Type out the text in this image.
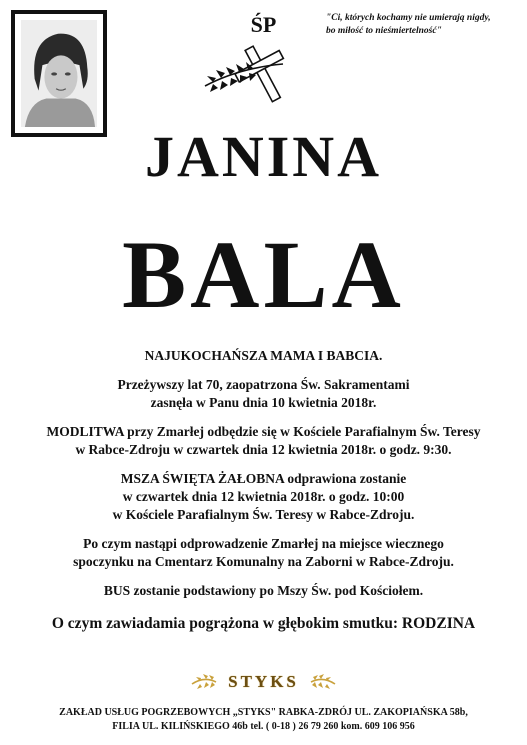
ŚP	"Ci, których kochamy nie umierają nigdy,
bo miłość to nieśmiertelność"
JANINA
BALA

NAJUKOCHAŃSZA MAMA I BABCIA.

Przeżywszy lat 70, zaopatrzona Św. Sakramentami
zasnęła w Panu dnia 10 kwietnia 2018r.

MODLITWA przy Zmarłej odbędzie się w Kościele Parafialnym Św. Teresy
w Rabce-Zdroju w czwartek dnia 12 kwietnia 2018r. o godz. 9:30.

MSZA ŚWIĘTA ŻAŁOBNA odprawiona zostanie
w czwartek dnia 12 kwietnia 2018r. o godz. 10:00
w Kościele Parafialnym Św. Teresy w Rabce-Zdroju.

Po czym nastąpi odprowadzenie Zmarłej na miejsce wiecznego
spoczynku na Cmentarz Komunalny na Zaborni w Rabce-Zdroju.

BUS zostanie podstawiony po Mszy Św. pod Kościołem.

O czym zawiadamia pogrążona w głębokim smutku: RODZINA

STYKS
ZAKŁAD USŁUG POGRZEBOWYCH „STYKS" RABKA-ZDRÓJ UL. ZAKOPIAŃSKA 58b,
FILIA UL. KILIŃSKIEGO 46b tel. ( 0-18 ) 26 79 260 kom. 609 106 956
